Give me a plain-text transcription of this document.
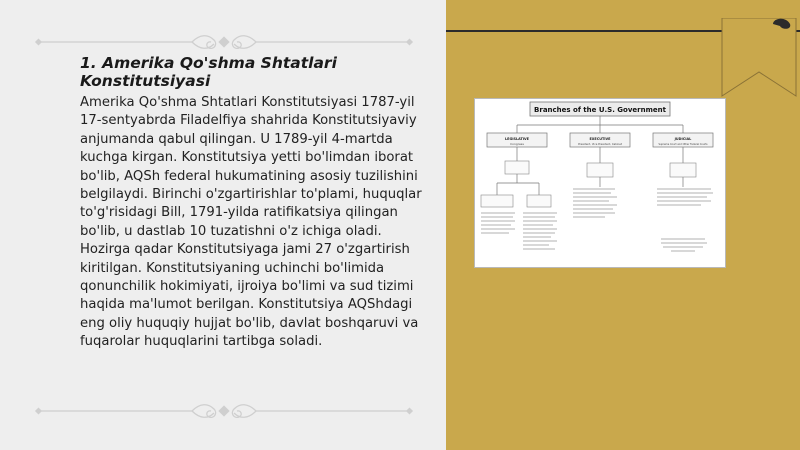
1. Amerika Qo'shma Shtatlari Konstitutsiyasi

Amerika Qo'shma Shtatlari Konstitutsiyasi 1787-yil 17-sentyabrda Filadelfiya shahrida Konstitutsiyaviy anjumanda qabul qilingan. U 1789-yil 4-martda kuchga kirgan. Konstitutsiya yetti bo'limdan iborat bo'lib, AQSh federal hukumatining asosiy tuzilishini belgilaydi. Birinchi o'zgartirishlar to'plami, huquqlar to'g'risidagi Bill, 1791-yilda ratifikatsiya qilingan bo'lib, u dastlab 10 tuzatishni o'z ichiga oladi. Hozirga qadar Konstitutsiyaga jami 27 o'zgartirish kiritilgan. Konstitutsiyaning uchinchi bo'limida qonunchilik hokimiyati, ijroiya bo'limi va sud tizimi haqida ma'lumot berilgan. Konstitutsiya AQShdagi eng oliy huquqiy hujjat bo'lib, davlat boshqaruvi va fuqarolar huquqlarini tartibga soladi.

Branches of the U.S. Government
LEGISLATIVE
Congress
EXECUTIVE
President, Vice President, Cabinet
JUDICIAL
Supreme Court and Other Federal Courts
